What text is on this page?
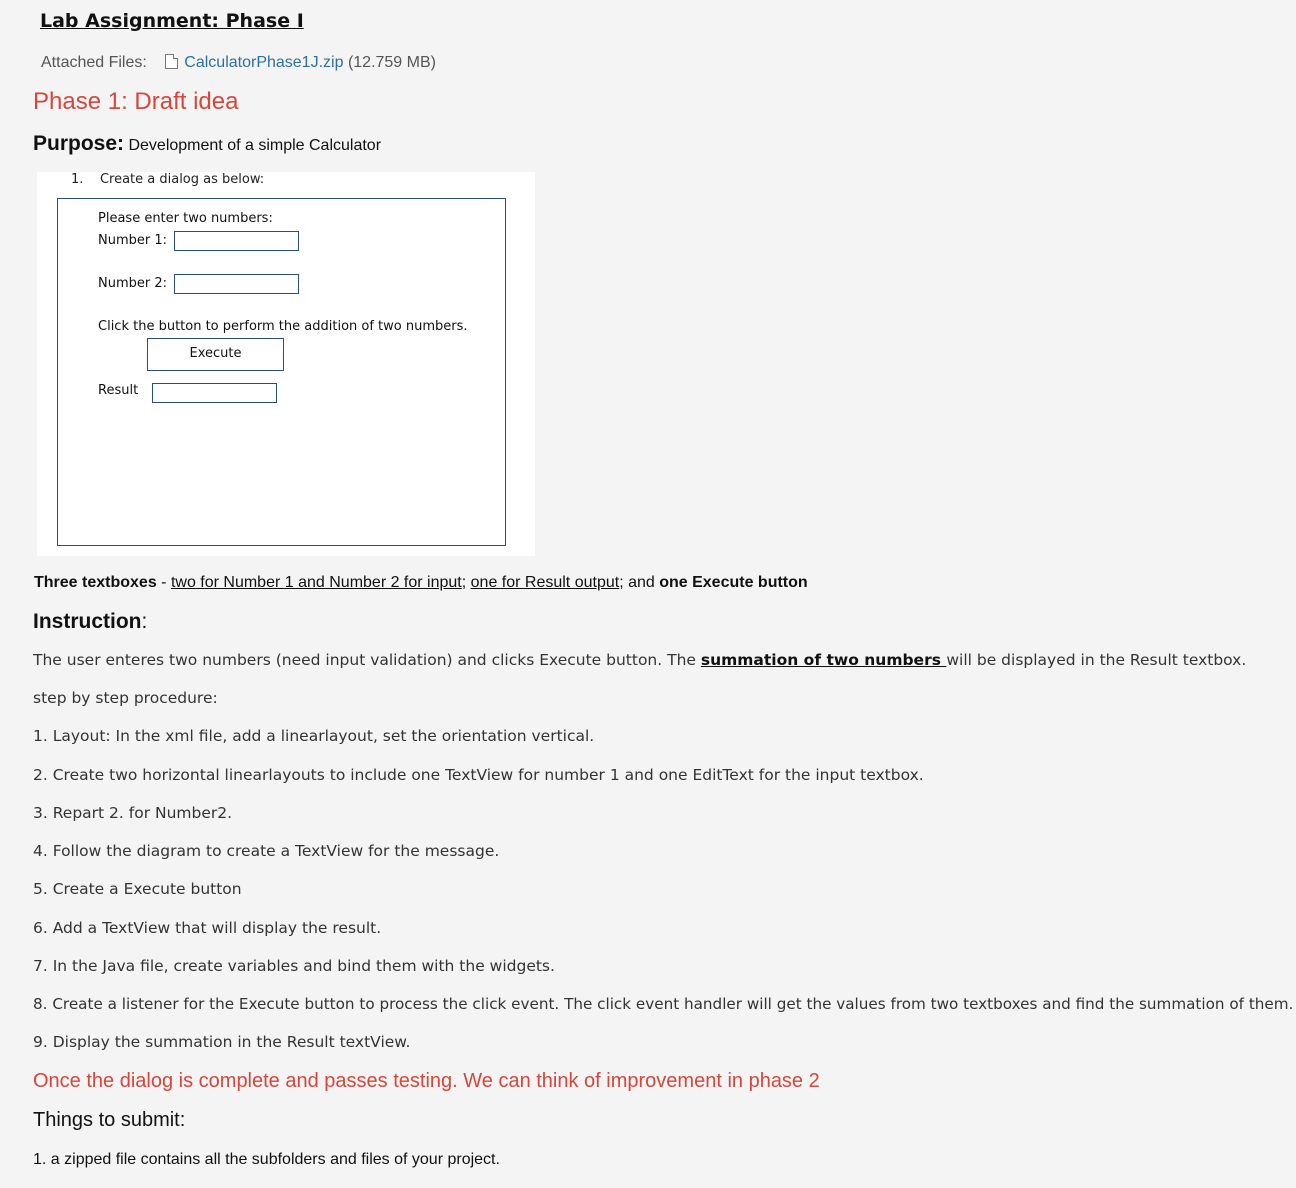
Lab Assignment: Phase I
Attached Files: CalculatorPhase1J.zip (12.759 MB)
Phase 1: Draft idea
Purpose: Development of a simple Calculator
1. Create a dialog as below:
Please enter two numbers:
Number 1:
Number 2:
Click the button to perform the addition of two numbers.
Execute
Result
Three textboxes - two for Number 1 and Number 2 for input; one for Result output; and one Execute button
Instruction:
The user enteres two numbers (need input validation) and clicks Execute button. The summation of two numbers will be displayed in the Result textbox.
step by step procedure:
1. Layout: In the xml file, add a linearlayout, set the orientation vertical.
2. Create two horizontal linearlayouts to include one TextView for number 1 and one EditText for the input textbox.
3. Repart 2. for Number2.
4. Follow the diagram to create a TextView for the message.
5. Create a Execute button
6. Add a TextView that will display the result.
7. In the Java file, create variables and bind them with the widgets.
8. Create a listener for the Execute button to process the click event. The click event handler will get the values from two textboxes and find the summation of them.
9. Display the summation in the Result textView.
Once the dialog is complete and passes testing. We can think of improvement in phase 2
Things to submit:
1. a zipped file contains all the subfolders and files of your project.
